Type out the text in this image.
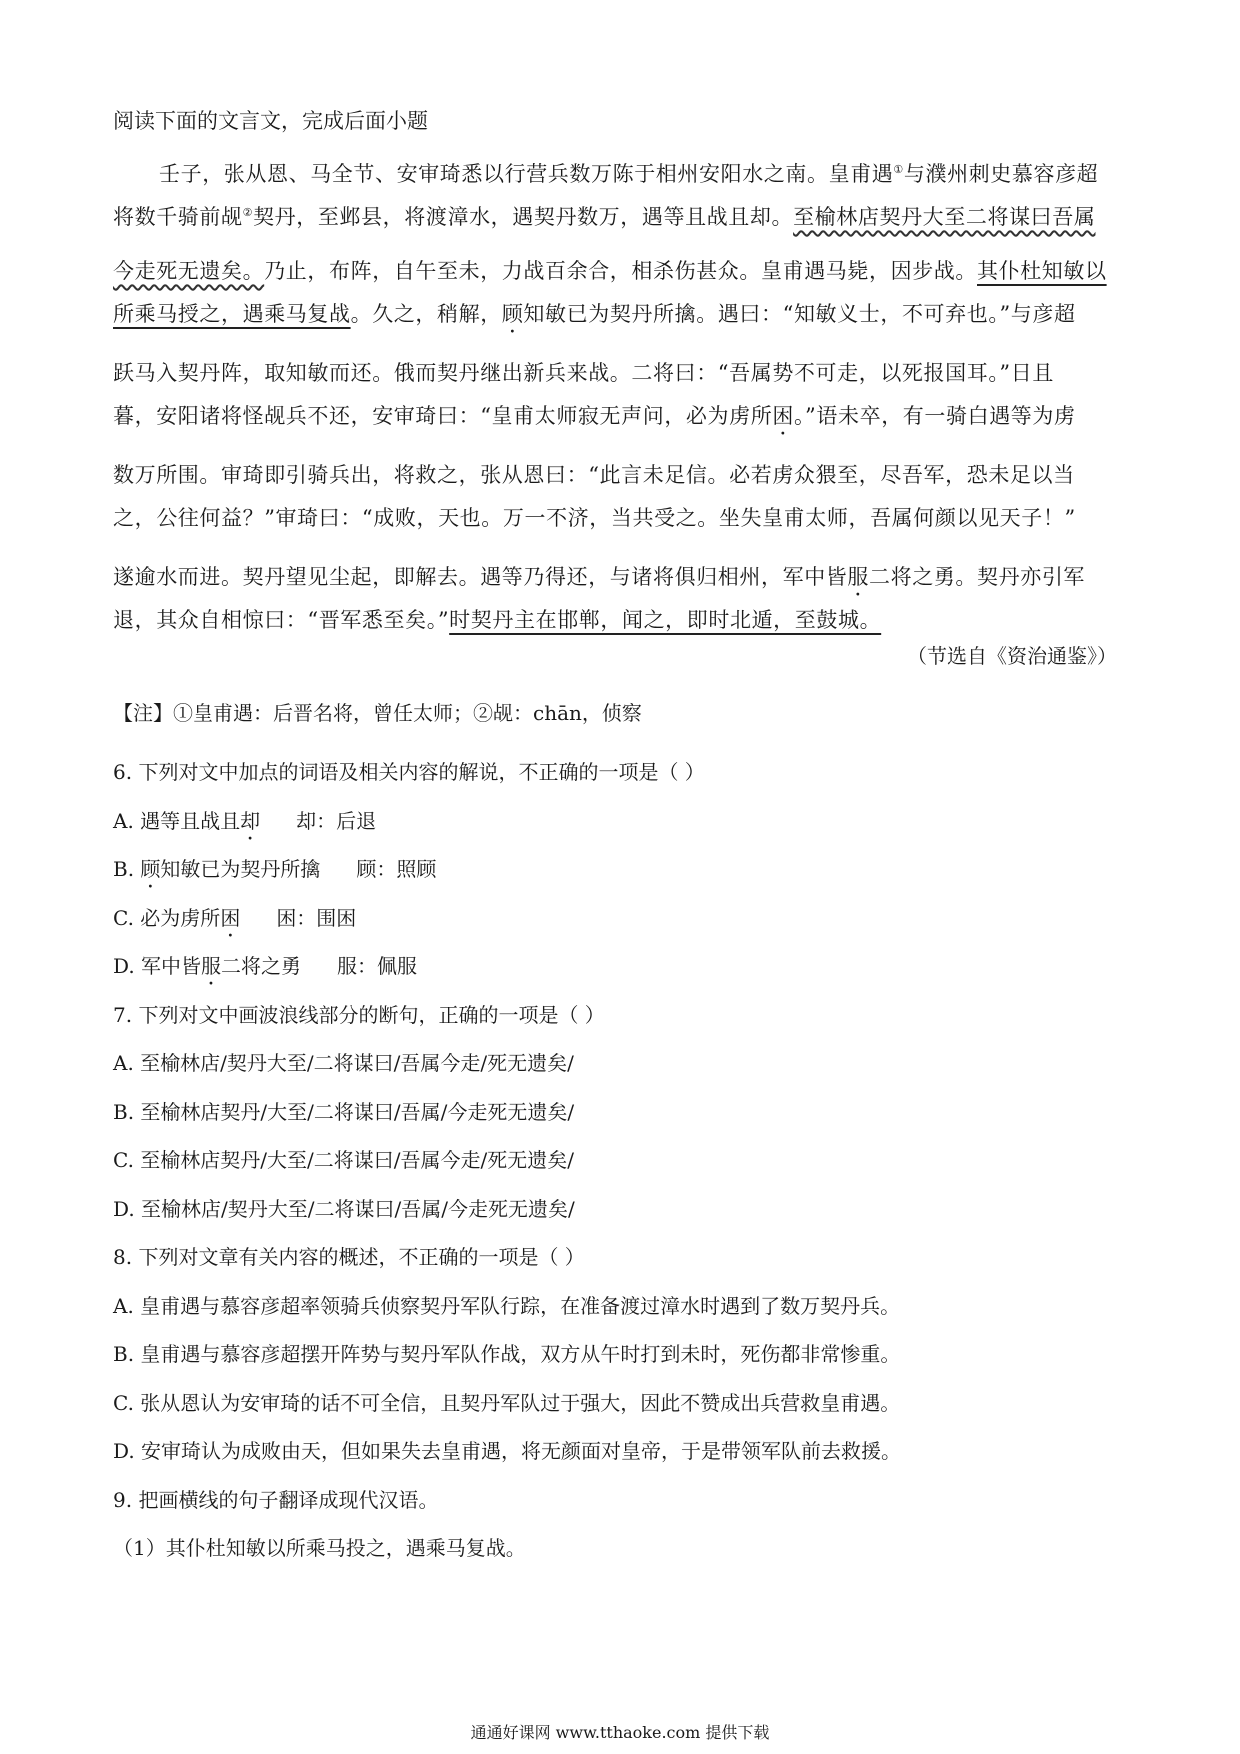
阅读下面的文言文，完成后面小题
壬子，张从恩、马全节、安审琦悉以行营兵数万陈于相州安阳水之南。皇甫遇①与濮州刺史慕容彦超
将数千骑前觇②契丹，至邺县，将渡漳水，遇契丹数万，遇等且战且却。至榆林店契丹大至二将谋曰吾属
今走死无遗矣。乃止，布阵，自午至未，力战百余合，相杀伤甚众。皇甫遇马毙，因步战。其仆杜知敏以
所乘马授之，遇乘马复战。久之，稍解，顾知敏已为契丹所擒。遇曰：“知敏义士，不可弃也。”与彦超
跃马入契丹阵，取知敏而还。俄而契丹继出新兵来战。二将曰：“吾属势不可走，以死报国耳。”日且
暮，安阳诸将怪觇兵不还，安审琦曰：“皇甫太师寂无声问，必为虏所困。”语未卒，有一骑白遇等为虏
数万所围。审琦即引骑兵出，将救之，张从恩曰：“此言未足信。必若虏众猥至，尽吾军，恐未足以当
之，公往何益？”审琦曰：“成败，天也。万一不济，当共受之。坐失皇甫太师，吾属何颜以见天子！”
遂逾水而进。契丹望见尘起，即解去。遇等乃得还，与诸将俱归相州，军中皆服二将之勇。契丹亦引军
退，其众自相惊曰：“晋军悉至矣。”时契丹主在邯郸，闻之，即时北遁，至鼓城。
（节选自《资治通鉴》）
【注】①皇甫遇：后晋名将，曾任太师；②觇：chān，侦察
6. 下列对文中加点的词语及相关内容的解说，不正确的一项是（ ）
A. 遇等且战且却 却：后退
B. 顾知敏已为契丹所擒 顾：照顾
C. 必为虏所困 困：围困
D. 军中皆服二将之勇 服：佩服
7. 下列对文中画波浪线部分的断句，正确的一项是（ ）
A. 至榆林店/契丹大至/二将谋曰/吾属今走/死无遗矣/
B. 至榆林店契丹/大至/二将谋曰/吾属/今走死无遗矣/
C. 至榆林店契丹/大至/二将谋曰/吾属今走/死无遗矣/
D. 至榆林店/契丹大至/二将谋曰/吾属/今走死无遗矣/
8. 下列对文章有关内容的概述，不正确的一项是（ ）
A. 皇甫遇与慕容彦超率领骑兵侦察契丹军队行踪，在准备渡过漳水时遇到了数万契丹兵。
B. 皇甫遇与慕容彦超摆开阵势与契丹军队作战，双方从午时打到未时，死伤都非常惨重。
C. 张从恩认为安审琦的话不可全信，且契丹军队过于强大，因此不赞成出兵营救皇甫遇。
D. 安审琦认为成败由天，但如果失去皇甫遇，将无颜面对皇帝，于是带领军队前去救援。
9. 把画横线的句子翻译成现代汉语。
（1）其仆杜知敏以所乘马投之，遇乘马复战。
通通好课网 www.tthaoke.com 提供下载
